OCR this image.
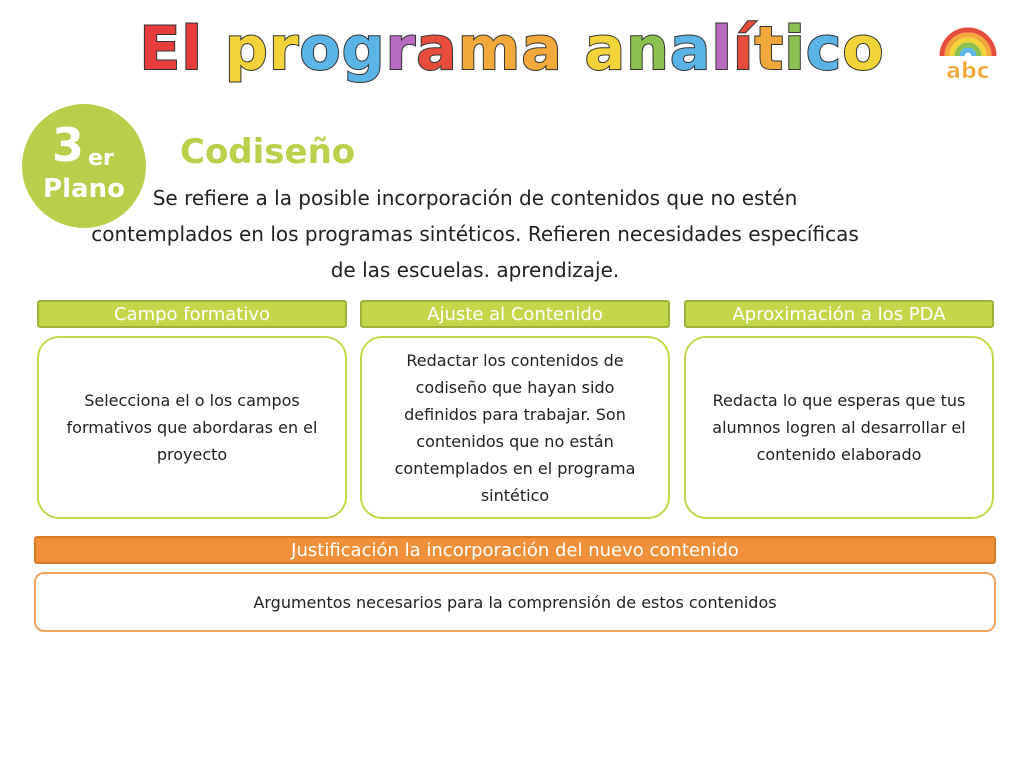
El programa analítico	abc
3 er
Plano
Codiseño
Se refiere a la posible incorporación de contenidos que no estén contemplados en los programas sintéticos. Refieren necesidades específicas de las escuelas. aprendizaje.
Campo formativo	Ajuste al Contenido	Aproximación a los PDA
Selecciona el o los campos formativos que abordaras en el proyecto
Redactar los contenidos de codiseño que hayan sido definidos para trabajar. Son contenidos que no están contemplados en el programa sintético
Redacta lo que esperas que tus alumnos logren al desarrollar el contenido elaborado
Justificación la incorporación del nuevo contenido
Argumentos necesarios para la comprensión de estos contenidos
